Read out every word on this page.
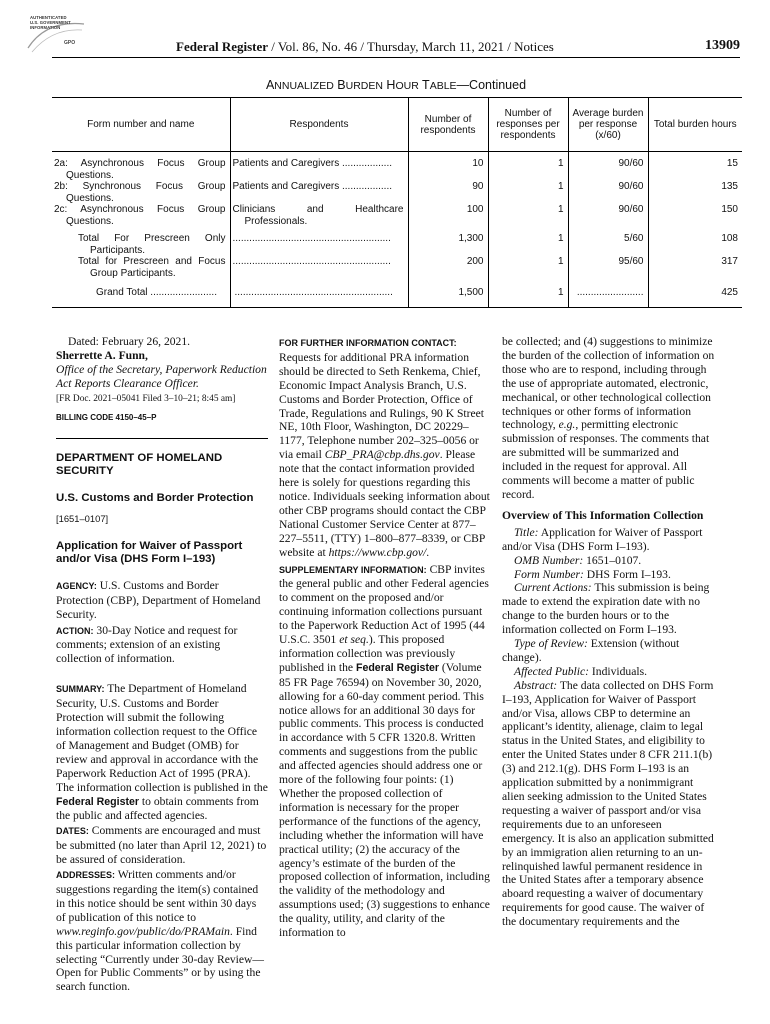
AUTHENTICATED
U.S. GOVERNMENT
INFORMATION
GPO	Federal Register / Vol. 86, No. 46 / Thursday, March 11, 2021 / Notices	13909
ANNUALIZED BURDEN HOUR TABLE—Continued
Form number and name	Respondents	Number of respondents	Number of responses per respondents	Average burden per response (x/60)	Total burden hours
2a: Asynchronous Focus Group Questions.	Patients and Caregivers ..................	10	1	90/60	15
2b: Synchronous Focus Group Questions.	Patients and Caregivers ..................	90	1	90/60	135
2c: Asynchronous Focus Group Questions.	Clinicians and Healthcare Professionals.	100	1	90/60	150
Total For Prescreen Only Participants.	.........................................................	1,300	1	5/60	108
Total for Prescreen and Focus Group Participants.	.........................................................	200	1	95/60	317
Grand Total ........................	.........................................................	1,500	1	........................	425

Dated: February 26, 2021.

Sherrette A. Funn,

Office of the Secretary, Paperwork Reduction Act Reports Clearance Officer.

[FR Doc. 2021–05041 Filed 3–10–21; 8:45 am]

BILLING CODE 4150–45–P

DEPARTMENT OF HOMELAND SECURITY

U.S. Customs and Border Protection

[1651–0107]

Application for Waiver of Passport and/or Visa (DHS Form I–193)

AGENCY: U.S. Customs and Border Protection (CBP), Department of Homeland Security.

ACTION: 30-Day Notice and request for comments; extension of an existing collection of information.

SUMMARY: The Department of Homeland Security, U.S. Customs and Border Protection will submit the following information collection request to the Office of Management and Budget (OMB) for review and approval in accordance with the Paperwork Reduction Act of 1995 (PRA). The information collection is published in the Federal Register to obtain comments from the public and affected agencies.

DATES: Comments are encouraged and must be submitted (no later than April 12, 2021) to be assured of consideration.

ADDRESSES: Written comments and/or suggestions regarding the item(s) contained in this notice should be sent within 30 days of publication of this notice to www.reginfo.gov/public/do/PRAMain. Find this particular information collection by selecting “Currently under 30-day Review—Open for Public Comments” or by using the search function.

FOR FURTHER INFORMATION CONTACT:

Requests for additional PRA information should be directed to Seth Renkema, Chief, Economic Impact Analysis Branch, U.S. Customs and Border Protection, Office of Trade, Regulations and Rulings, 90 K Street NE, 10th Floor, Washington, DC 20229–1177, Telephone number 202–325–0056 or via email CBP_PRA@cbp.dhs.gov. Please note that the contact information provided here is solely for questions regarding this notice. Individuals seeking information about other CBP programs should contact the CBP National Customer Service Center at 877–227–5511, (TTY) 1–800–877–8339, or CBP website at https://www.cbp.gov/.

SUPPLEMENTARY INFORMATION: CBP invites the general public and other Federal agencies to comment on the proposed and/or continuing information collections pursuant to the Paperwork Reduction Act of 1995 (44 U.S.C. 3501 et seq.). This proposed information collection was previously published in the Federal Register (Volume 85 FR Page 76594) on November 30, 2020, allowing for a 60-day comment period. This notice allows for an additional 30 days for public comments. This process is conducted in accordance with 5 CFR 1320.8. Written comments and suggestions from the public and affected agencies should address one or more of the following four points: (1) Whether the proposed collection of information is necessary for the proper performance of the functions of the agency, including whether the information will have practical utility; (2) the accuracy of the agency’s estimate of the burden of the proposed collection of information, including the validity of the methodology and assumptions used; (3) suggestions to enhance the quality, utility, and clarity of the information to

be collected; and (4) suggestions to minimize the burden of the collection of information on those who are to respond, including through the use of appropriate automated, electronic, mechanical, or other technological collection techniques or other forms of information technology, e.g., permitting electronic submission of responses. The comments that are submitted will be summarized and included in the request for approval. All comments will become a matter of public record.

Overview of This Information Collection

Title: Application for Waiver of Passport and/or Visa (DHS Form I–193).

OMB Number: 1651–0107.

Form Number: DHS Form I–193.

Current Actions: This submission is being made to extend the expiration date with no change to the burden hours or to the information collected on Form I–193.

Type of Review: Extension (without change).

Affected Public: Individuals.

Abstract: The data collected on DHS Form I–193, Application for Waiver of Passport and/or Visa, allows CBP to determine an applicant’s identity, alienage, claim to legal status in the United States, and eligibility to enter the United States under 8 CFR 211.1(b)(3) and 212.1(g). DHS Form I–193 is an application submitted by a nonimmigrant alien seeking admission to the United States requesting a waiver of passport and/or visa requirements due to an unforeseen emergency. It is also an application submitted by an immigration alien returning to an un-relinquished lawful permanent residence in the United States after a temporary absence aboard requesting a waiver of documentary requirements for good cause. The waiver of the documentary requirements and the
